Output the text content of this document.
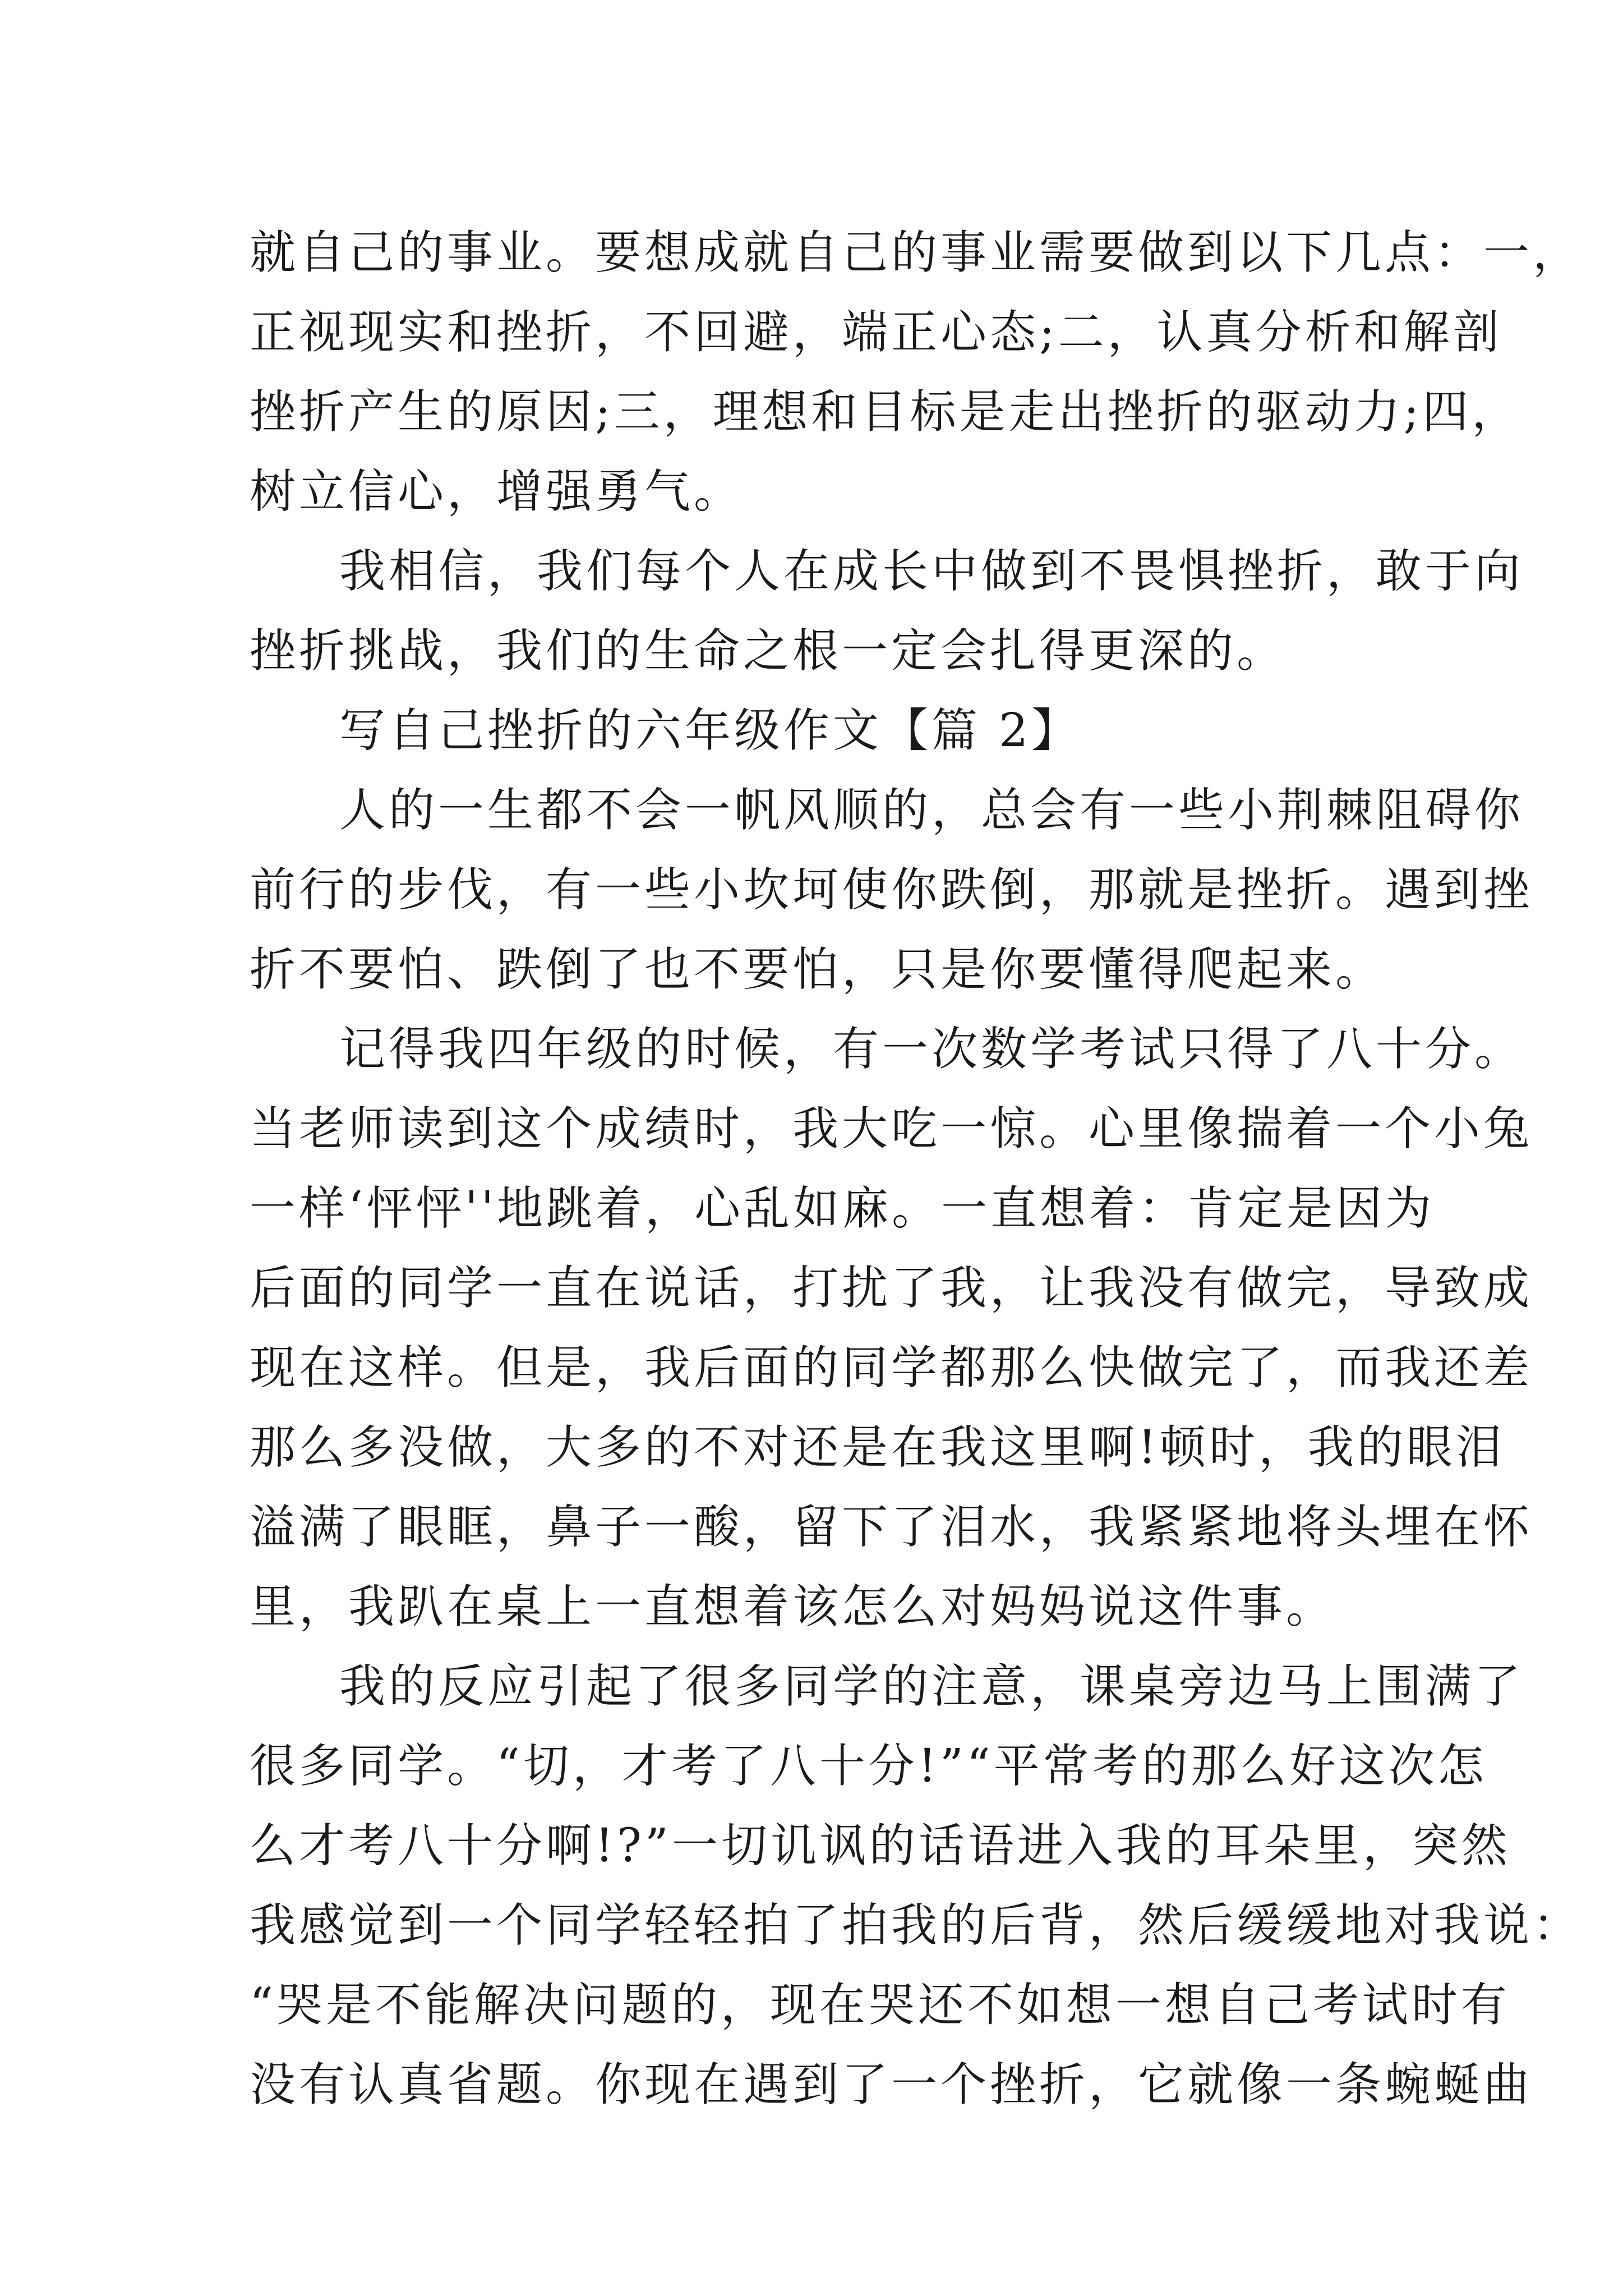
就自己的事业。要想成就自己的事业需要做到以下几点：一，
正视现实和挫折，不回避，端正心态;二，认真分析和解剖
挫折产生的原因;三，理想和目标是走出挫折的驱动力;四，
树立信心，增强勇气。
我相信，我们每个人在成长中做到不畏惧挫折，敢于向
挫折挑战，我们的生命之根一定会扎得更深的。
写自己挫折的六年级作文【篇 2】
人的一生都不会一帆风顺的，总会有一些小荆棘阻碍你
前行的步伐，有一些小坎坷使你跌倒，那就是挫折。遇到挫
折不要怕、跌倒了也不要怕，只是你要懂得爬起来。
记得我四年级的时候，有一次数学考试只得了八十分。
当老师读到这个成绩时，我大吃一惊。心里像揣着一个小兔
一样‘怦怦''地跳着，心乱如麻。一直想着：肯定是因为
后面的同学一直在说话，打扰了我，让我没有做完，导致成
现在这样。但是，我后面的同学都那么快做完了，而我还差
那么多没做，大多的不对还是在我这里啊!顿时，我的眼泪
溢满了眼眶，鼻子一酸，留下了泪水，我紧紧地将头埋在怀
里，我趴在桌上一直想着该怎么对妈妈说这件事。
我的反应引起了很多同学的注意，课桌旁边马上围满了
很多同学。“切，才考了八十分!”“平常考的那么好这次怎
么才考八十分啊!?”一切讥讽的话语进入我的耳朵里，突然
我感觉到一个同学轻轻拍了拍我的后背，然后缓缓地对我说：
“哭是不能解决问题的，现在哭还不如想一想自己考试时有
没有认真省题。你现在遇到了一个挫折，它就像一条蜿蜒曲
